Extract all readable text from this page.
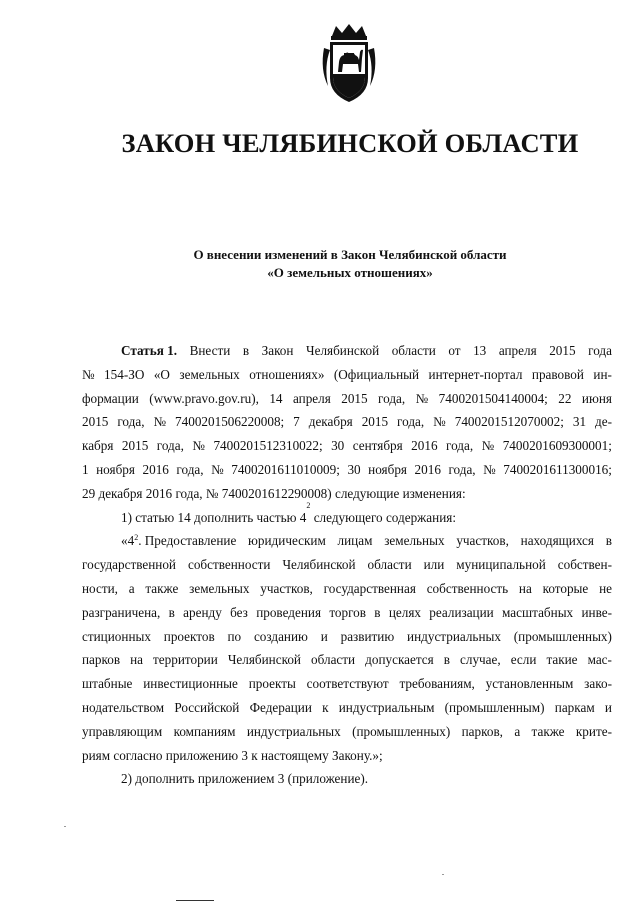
ЗАКОН ЧЕЛЯБИНСКОЙ ОБЛАСТИ
О внесении изменений в Закон Челябинской области
«О земельных отношениях»
Статья 1. Внести в Закон Челябинской области от 13 апреля 2015 года
№ 154-ЗО «О земельных отношениях» (Официальный интернет-портал правовой ин-
формации (www.pravo.gov.ru), 14 апреля 2015 года, № 7400201504140004; 22 июня
2015 года, № 7400201506220008; 7 декабря 2015 года, № 7400201512070002; 31 де-
кабря 2015 года, № 7400201512310022; 30 сентября 2016 года, № 7400201609300001;
1 ноября 2016 года, № 7400201611010009; 30 ноября 2016 года, № 7400201611300016;
29 декабря 2016 года, № 7400201612290008) следующие изменения:
1) статью 14 дополнить частью 4
2
следующего содержания:
«$4^2$. Предоставление юридическим лицам земельных участков, находящихся в
государственной собственности Челябинской области или муниципальной собствен-
ности, а также земельных участков, государственная собственность на которые не
разграничена, в аренду без проведения торгов в целях реализации масштабных инве-
стиционных проектов по созданию и развитию индустриальных (промышленных)
парков на территории Челябинской области допускается в случае, если такие мас-
штабные инвестиционные проекты соответствуют требованиям, установленным зако-
нодательством Российской Федерации к индустриальным (промышленным) паркам и
управляющим компаниям индустриальных (промышленных) парков, а также крите-
риям согласно приложению 3 к настоящему Закону.»;
2) дополнить приложением 3 (приложение).
